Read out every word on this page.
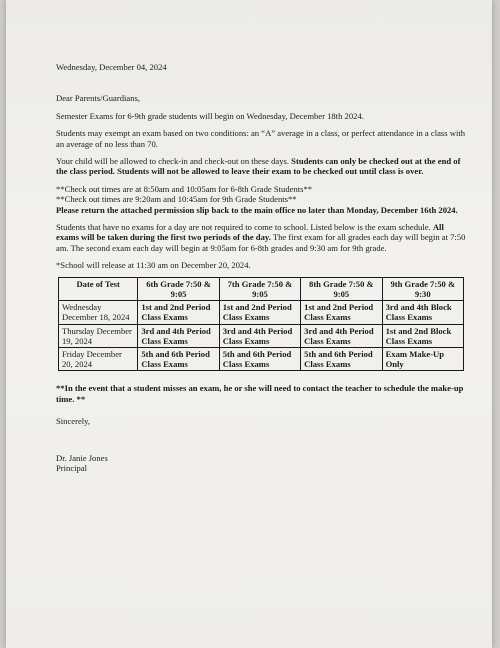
Wednesday, December 04, 2024

Dear Parents/Guardians,

Semester Exams for 6-9th grade students will begin on Wednesday, December 18th 2024.

Students may exempt an exam based on two conditions: an “A” average in a class, or perfect attendance in a class with an average of no less than 70.

Your child will be allowed to check-in and check-out on these days. Students can only be checked out at the end of the class period. Students will not be allowed to leave their exam to be checked out until class is over.

**Check out times are at 8:50am and 10:05am for 6-8th Grade Students**

**Check out times are 9:20am and 10:45am for 9th Grade Students**

Please return the attached permission slip back to the main office no later than Monday, December 16th 2024.

Students that have no exams for a day are not required to come to school. Listed below is the exam schedule. All exams will be taken during the first two periods of the day. The first exam for all grades each day will begin at 7:50 am. The second exam each day will begin at 9:05am for 6-8th grades and 9:30 am for 9th grade.

*School will release at 11:30 am on December 20, 2024.

Date of Test	6th Grade 7:50 & 9:05	7th Grade 7:50 & 9:05	8th Grade 7:50 & 9:05	9th Grade 7:50 & 9:30
Wednesday December 18, 2024	1st and 2nd Period Class Exams	1st and 2nd Period Class Exams	1st and 2nd Period Class Exams	3rd and 4th Block Class Exams
Thursday December 19, 2024	3rd and 4th Period Class Exams	3rd and 4th Period Class Exams	3rd and 4th Period Class Exams	1st and 2nd Block Class Exams
Friday December 20, 2024	5th and 6th Period Class Exams	5th and 6th Period Class Exams	5th and 6th Period Class Exams	Exam Make-Up Only

**In the event that a student misses an exam, he or she will need to contact the teacher to schedule the make-up time. **

Sincerely,

Dr. Janie Jones

Principal
